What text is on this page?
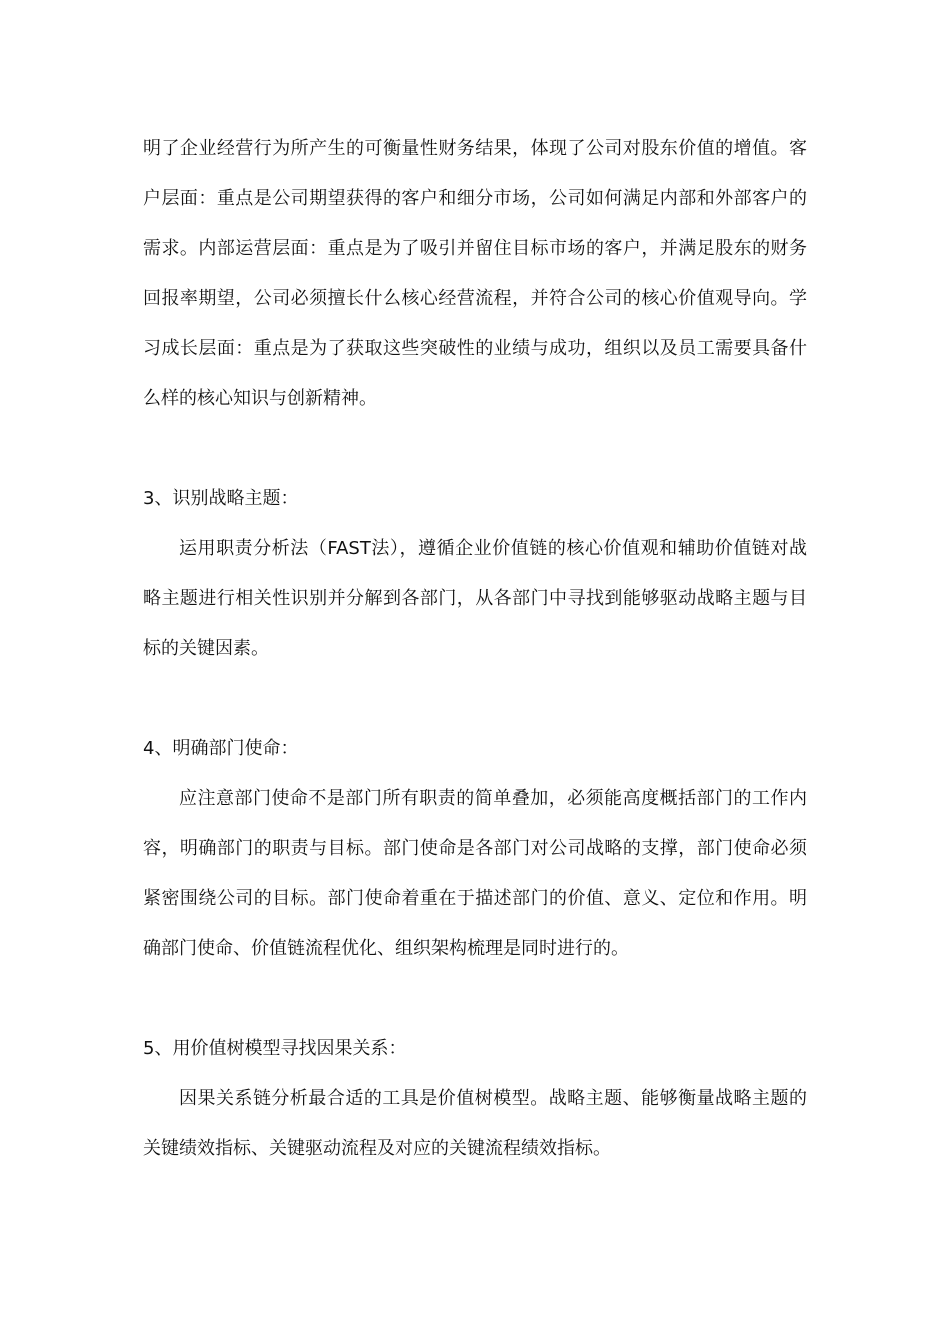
明了企业经营行为所产生的可衡量性财务结果，体现了公司对股东价值的增值。客户层面：重点是公司期望获得的客户和细分市场，公司如何满足内部和外部客户的需求。内部运营层面：重点是为了吸引并留住目标市场的客户，并满足股东的财务回报率期望，公司必须擅长什么核心经营流程，并符合公司的核心价值观导向。学习成长层面：重点是为了获取这些突破性的业绩与成功，组织以及员工需要具备什么样的核心知识与创新精神。

3、识别战略主题：

运用职责分析法（FAST法），遵循企业价值链的核心价值观和辅助价值链对战略主题进行相关性识别并分解到各部门，从各部门中寻找到能够驱动战略主题与目标的关键因素。

4、明确部门使命：

应注意部门使命不是部门所有职责的简单叠加，必须能高度概括部门的工作内容，明确部门的职责与目标。部门使命是各部门对公司战略的支撑，部门使命必须紧密围绕公司的目标。部门使命着重在于描述部门的价值、意义、定位和作用。明确部门使命、价值链流程优化、组织架构梳理是同时进行的。

5、用价值树模型寻找因果关系：

因果关系链分析最合适的工具是价值树模型。战略主题、能够衡量战略主题的关键绩效指标、关键驱动流程及对应的关键流程绩效指标。
